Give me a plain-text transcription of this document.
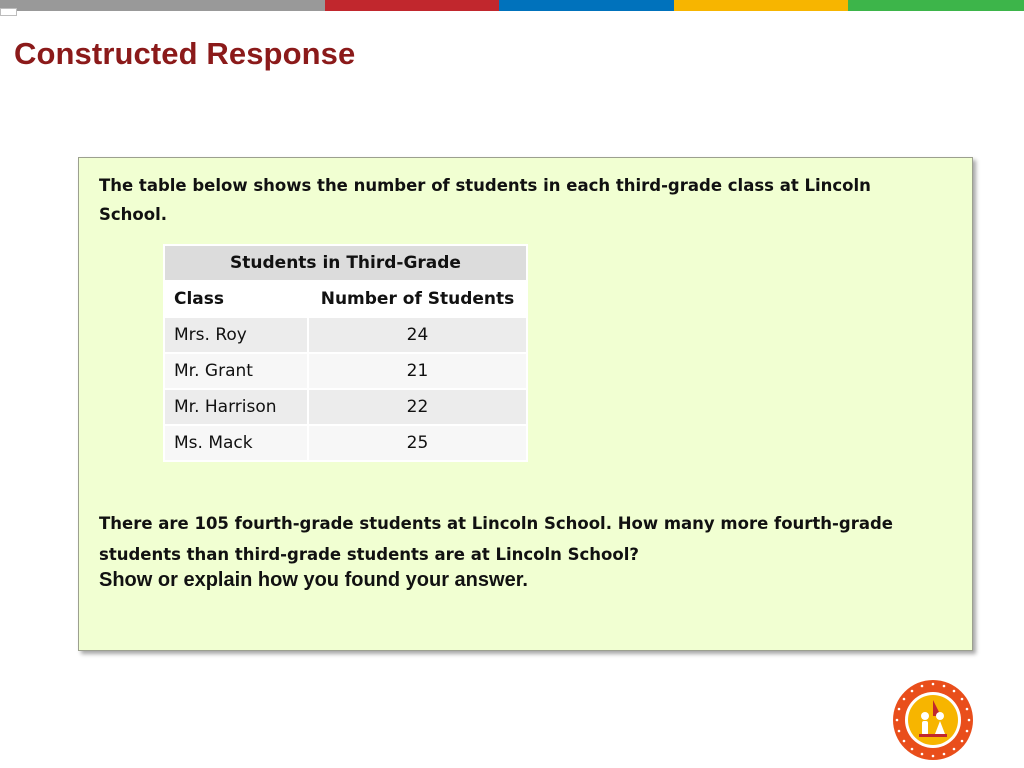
Constructed Response
The table below shows the number of students in each third-grade class at Lincoln School.
Students in Third-Grade	
Class	Number of Students
Mrs. Roy	24
Mr. Grant	21
Mr. Harrison	22
Ms. Mack	25
There are 105 fourth-grade students at Lincoln School. How many more fourth-grade students than third-grade students are at Lincoln School?
Show or explain how you found your answer.
